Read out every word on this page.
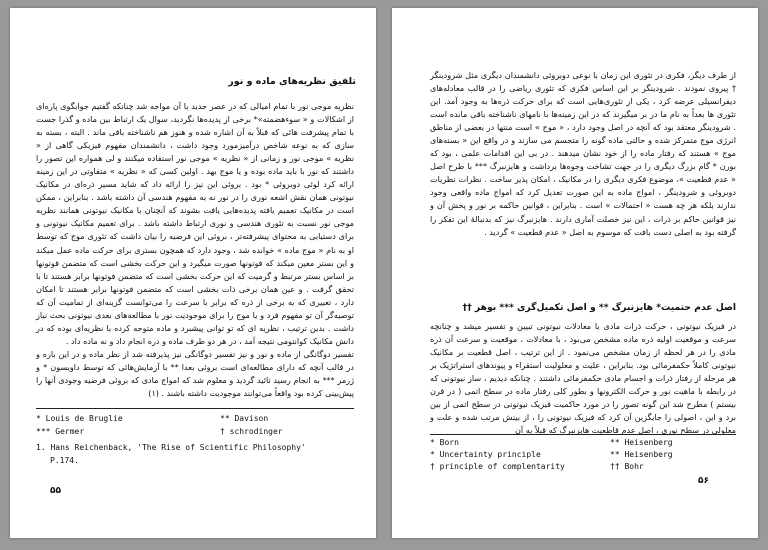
تلفیق نظریه‌های ماده و نور

نظریه موجی نور با تمام امیالی که در عصر جدید با آن مواجه شد چنانکه گفتیم جوابگوی پاره‌ای از اشکالات و « سوءهضمته»* برخی از پدیده‌ها نگردید، سوال یک ارتباط بین ماده و گذرا جست با تمام پیشرفت هائی که قبلاً به آن اشاره شده و هنوز هم ناشناخته باقی ماند . البته ، بسته به سازی که به نوعه شاخص درآمیزمورد وجود داشت ، دانشمندان مفهوم فیزیکی گاهی از « نظریه » موجی نور و زمانی از « نظریه » موجی نور استفاده میکنند و لی همواره این تصور را داشتند که نور با باید ماده بوده و یا موج بهد . اولین کسی که « نظریه » متفاوتی در این زمینه ارائه کرد لوئی دوبروئی * بود . بروئی این نیز را ارائه داد که شاید مسیر ذره‌ای در مکانیک نیوتونی همان نقش اشعه نوری را در نور نه به مفهوم هندسی آن داشته باشد . بنابراین ، ممکن است در مکانیک تعمیم یافته پدیده‌هایی یافت بشوند که آنچنان با مکانیک نیوتونی همانند نظریه موجی نور نسبت به تئوری هندسی و نوری ارتباط داشته باشد . برای تعمیم مکانیک نیوتونی و برای دستیابی به محتوای پیشرفته‌تر ، بروئی این فرضیه را بیان داشت که تئوری موج که توسط او به نام « موج ماده » خوانده شد ، وجود دارد که همچون بستری برای حرکت ماده عمل میکند و این بستر معین میکند که فوتونها صورت میگیرد و این حرکت بخشی است که متضمن فوتونها بر اساس بستر مرتبط و گرمیت که این حرکت بخشی است که متضمن فوتونها برابر هستند تا با تحقق گرفت . و عین همان برخی ذات بخشی است که متضمن فوتونها برابر هستند تا امکان دارد ، تعبیری که به برخی از ذره که برابر با سرعت را می‌توانست گزینه‌ای از تمامیت آن که توصیه‌گر آن تو مفهوم فرد و یا موج را برای موجودیت نور با مطالعه‌های بعدی نیوتونی بحث نیاز داشت . بدین ترتیب ، نظریه ای که تو توانی پیشبرد و ماده متوجه کرده با نظریه‌ای بوده که در دانش مکانیک کوانتومی نتیجه آمد ، در هر دو طرف ماده و دره انجام داد و نه ماده داد .

تفسیر دوگانگی از ماده و نور و نیز تفسیر دوگانگی نیز پذیرفته شد از نظر ماده و در این باره و در قالب آنچه که دارای مطالعه‌ای است بروئی بعدا ** با آزمایش‌هائی که توسط داویسون * و ژرمر *** به انجام رسید تائید گردید و معلوم شد که امواج مادی که بروئی فرضیه وجودی آنها را پیش‌بینی کرده بود واقعاً می‌توانند موجودیت داشته باشند . (۱)

* Louis de Bruglie	** Davison
*** Germer	† schrodinger
1. Hans Reichenback, 'The Rise of Scientific Philosophy'
P.174.
۵۵

از طرف دیگر، فکری در تئوری این زمان با نوعی دوبروئی دانشمندان دیگری مثل شرودینگر † پیروی نمودند . شرودینگر بر این اساس فکری که تئوری ریاضی را در قالب معادله‌های دیفرانسیلی عرضه کرد ، یکی از تئوری‌هایی است که برای حرکت ذره‌ها به وجود آمد. این تئوری ها بعداً به نام ما در بر میگیرند که در این زمینه‌ها با نامهای ناشناخته باقی مانده است . شرودینگر معتقد بود که آنچه در اصل وجود دارد ، « موج » است منتها در بعضی از مناطق انرژی موج متمرکز شده و حالتی ماده گونه را متجسم می سازند و در واقع این « بسته‌های موج » هستند که رفتار ماده را از خود نشان میدهند . در بی این اقدامات علمی ، بود که بورن * گام بزرگ دیگری را در جهت تشاخت وجوه‌ها برداشت و هایزنبرگ *** با طرح اصل « عدم قطعیت »، موضوع فکری دیگری را در مکانیک ، امکان پذیر ساخت . نظرات نظریات دوبروئی و شرودینگر ، امواج ماده به این صورت تعدیل کرد که امواج ماده واقعی وجود ندارند بلکه هر چه هست « احتمالات » است . بنابراین ، قوانین حاکمه بر نور و پخش آن و نیز قوانین حاکم بر ذرات ، این نیز خصلت آماری دارند . هایزنبرگ نیز که بدنبالهٔ این تفکر را گرفته بود به اصلی دست یافت که موسوم به اصل « عدم قطعیت » گردید .

اصل عدم حتمیت* هایزنبرگ ** و اصل تکمیل‌گری *** بوهر ††

در فیزیک نیوتونی ، حرکت ذرات مادی با معادلات نیوتونی تبیین و تفسیر میشد و چنانچه سرعت و موقعیت اولیه ذره ماده مشخص می‌بود ، با معادلات ، موقعیت و سرعت آن ذره مادی را در هر لحظه از زمان مشخص می‌نمود . از این ترتیب ، اصل قطعیت بر مکانیک نیوتونی کاملاً حکمفرمائی بود. بنابراین ، علیت و معلولیت استقراء و پیوندهای استراتژیک بر هر مرحله از رفتار ذرات و اجسام مادی حکمفرمائی داشتند . چنانکه دیدیم ، ساز نیوتونی که در رابطه با ماهیت نور و حرکت الکترونها و بطور کلی رفتار ماده در سطح اتمی ( در قرن بیستم ) مطرح شد این گونه تصور را در مورد حاکمیت فیزیک نیوتونی در سطح اتمی از بین برد و این ، اصولی را جایگزین آن کرد که فیزیک نیوتونی را ، از بینش مرتب شده و علت و معلولی در سطح نوری ، اصل عدم قاطعیت هایزنبرگ که قبلاً به آن

* Born	** Heisenberg
* Uncertainty principle	** Heisenberg
† principle of complentarity	†† Bohr
۵۶
